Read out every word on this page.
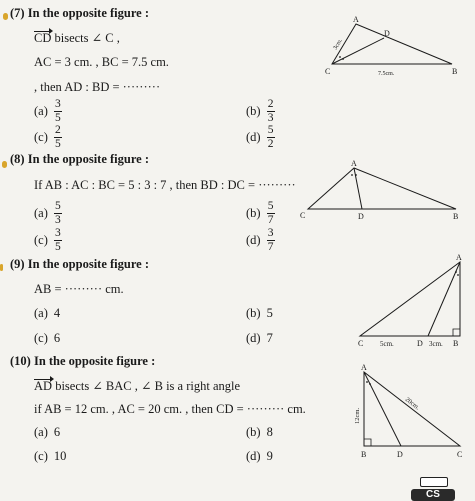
(7) In the opposite figure :
CD bisects ∠ C ,
AC = 3 cm. , BC = 7.5 cm.
, then AD : BD = ·········
$(a) \frac{3}{5}$	$(b) \frac{2}{3}$
$(c) \frac{2}{5}$	$(d) \frac{5}{2}$
A
D
C	B
3cm.
7.5cm.
(8) In the opposite figure :
If AB : AC : BC = 5 : 3 : 7 , then BD : DC = ·········
$(a) \frac{5}{3}$	$(b) \frac{5}{7}$
$(c) \frac{3}{5}$	$(d) \frac{3}{7}$
A
C	D	B
(9) In the opposite figure :
AB = ········· cm.
(a) 4	(b) 5
(c) 6	(d) 7
A
C 5cm.	D 3cm. B
(10) In the opposite figure :
AD bisects ∠ BAC , ∠ B is a right angle
if AB = 12 cm. , AC = 20 cm. , then CD = ········· cm.
(a) 6	(b) 8
(c) 10	(d) 9
A
B	D	C
12cm.
20cm.
CS
